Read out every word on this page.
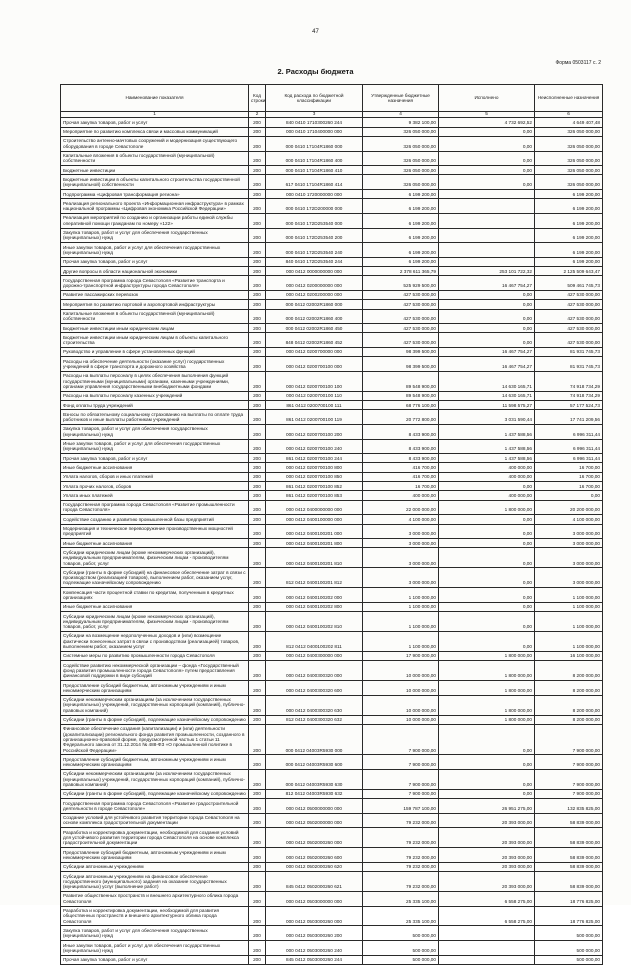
47
Форма 0503117 с. 2
2. Расходы бюджета
Наименование показателя	Код строки	Код расхода по бюджетной классификации	Утвержденные бюджетные назначения	Исполнено	Неисполненные назначения
1	2	3	4	5	6
Прочая закупка товаров, работ и услуг	200	840 0410 1710300260 244	9 382 100,00	4 732 692,52	4 649 407,48
Мероприятие по развитию комплекса связи и массовых коммуникаций	200	000 0410 1710400000 000	326 050 000,00	0,00	326 050 000,00
Строительство антенно-мачтовых сооружений и модернизация существующего оборудования в городе Севастополе	200	000 0410 17104R1860 000	326 050 000,00	0,00	326 050 000,00
Капитальные вложения в объекты государственной (муниципальной) собственности	200	000 0410 17104R1860 400	326 050 000,00	0,00	326 050 000,00
Бюджетные инвестиции	200	000 0410 17104R1860 410	326 050 000,00	0,00	326 050 000,00
Бюджетные инвестиции в объекты капитального строительства государственной (муниципальной) собственности	200	617 0410 17104R1860 414	326 050 000,00	0,00	326 050 000,00
Подпрограмма «Цифровая трансформация региона»	200	000 0410 1720000000 000	6 199 200,00		6 199 200,00
Реализация регионального проекта «Информационная инфраструктура» в рамках национальной программы «Цифровая экономика Российской Федерации»	200	000 0410 172D200000 000	6 199 200,00		6 199 200,00
Реализация мероприятий по созданию и организации работы единой службы оперативной помощи гражданам по номеру «122»	200	000 0410 172D253540 000	6 199 200,00		6 199 200,00
Закупка товаров, работ и услуг для обеспечения государственных (муниципальных) нужд	200	000 0410 172D253540 200	6 199 200,00		6 199 200,00
Иные закупки товаров, работ и услуг для обеспечения государственных (муниципальных) нужд	200	000 0410 172D253540 240	6 199 200,00		6 199 200,00
Прочая закупка товаров, работ и услуг	200	840 0410 172D253540 244	6 199 200,00		6 199 200,00
Другие вопросы в области национальной экономики	200	000 0412 0000000000 000	2 378 611 365,79	253 101 722,32	2 125 509 643,47
Государственная программа города Севастополя «Развитие транспорта и дорожно-транспортной инфраструктуры города Севастополя»	200	000 0412 0200000000 000	525 929 500,00	16 467 754,27	509 461 745,73
Развитие пассажирских перевозок	200	000 0412 0200200000 000	427 530 000,00	0,00	427 530 000,00
Мероприятия по развитию портовой и аэропортовой инфраструктуры	200	000 0412 02002R1860 000	427 530 000,00	0,00	427 530 000,00
Капитальные вложения в объекты государственной (муниципальной) собственности	200	000 0412 02002R1860 400	427 530 000,00	0,00	427 530 000,00
Бюджетные инвестиции иным юридическим лицам	200	000 0412 02002R1860 450	427 530 000,00	0,00	427 530 000,00
Бюджетные инвестиции иным юридическим лицам в объекты капитального строительства	200	848 0412 02002R1860 452	427 530 000,00	0,00	427 530 000,00
Руководство и управление в сфере установленных функций	200	000 0412 0200700000 000	98 399 500,00	16 467 754,27	81 931 745,73
Расходы на обеспечение деятельности (оказание услуг) государственных учреждений в сфере транспорта и дорожного хозяйства	200	000 0412 0200700100 000	98 399 500,00	16 467 754,27	81 931 745,73
Расходы на выплаты персоналу в целях обеспечения выполнения функций государственными (муниципальными) органами, казенными учреждениями, органами управления государственными внебюджетными фондами	200	000 0412 0200700100 100	89 548 900,00	14 630 165,71	74 918 734,29
Расходы на выплаты персоналу казенных учреждений	200	000 0412 0200700100 110	89 548 900,00	14 630 165,71	74 918 734,29
Фонд оплаты труда учреждений	200	861 0412 0200700100 111	68 776 100,00	11 598 575,27	57 177 524,73
Взносы по обязательному социальному страхованию на выплаты по оплате труда работников и иные выплаты работникам учреждений	200	861 0412 0200700100 119	20 772 800,00	3 031 590,44	17 741 209,56
Закупка товаров, работ и услуг для обеспечения государственных (муниципальных) нужд	200	000 0412 0200700100 200	8 433 900,00	1 437 588,56	6 996 311,44
Иные закупки товаров, работ и услуг для обеспечения государственных (муниципальных) нужд	200	000 0412 0200700100 240	8 433 900,00	1 437 588,56	6 996 311,44
Прочая закупка товаров, работ и услуг	200	861 0412 0200700100 244	8 433 900,00	1 437 588,56	6 996 311,44
Иные бюджетные ассигнования	200	000 0412 0200700100 800	416 700,00	400 000,00	16 700,00
Уплата налогов, сборов и иных платежей	200	000 0412 0200700100 850	416 700,00	400 000,00	16 700,00
Уплата прочих налогов, сборов	200	861 0412 0200700100 852	16 700,00	0,00	16 700,00
Уплата иных платежей	200	861 0412 0200700100 853	400 000,00	400 000,00	0,00
Государственная программа города Севастополя «Развитие промышленности города Севастополя»	200	000 0412 0400000000 000	22 000 000,00	1 800 000,00	20 200 000,00
Содействие созданию и развитию промышленной базы предприятий	200	000 0412 0400100000 000	4 100 000,00	0,00	4 100 000,00
Модернизация и техническое перевооружение производственных мощностей предприятий	200	000 0412 0400100201 000	3 000 000,00	0,00	3 000 000,00
Иные бюджетные ассигнования	200	000 0412 0400100201 800	3 000 000,00	0,00	3 000 000,00
Субсидии юридическим лицам (кроме некоммерческих организаций), индивидуальным предпринимателям, физическим лицам - производителям товаров, работ, услуг	200	000 0412 0400100201 810	3 000 000,00	0,00	3 000 000,00
Субсидии (гранты в форме субсидий) на финансовое обеспечение затрат в связи с производством (реализацией товаров), выполнением работ, оказанием услуг, подлежащие казначейскому сопровождению	200	812 0412 0400100201 812	3 000 000,00	0,00	3 000 000,00
Компенсация части процентной ставки по кредитам, полученным в кредитных организациях	200	000 0412 0400100202 000	1 100 000,00	0,00	1 100 000,00
Иные бюджетные ассигнования	200	000 0412 0400100202 800	1 100 000,00	0,00	1 100 000,00
Субсидии юридическим лицам (кроме некоммерческих организаций), индивидуальным предпринимателям, физическим лицам - производителям товаров, работ, услуг	200	000 0412 0400100202 810	1 100 000,00	0,00	1 100 000,00
Субсидии на возмещение недополученных доходов и (или) возмещение фактически понесенных затрат в связи с производством (реализацией) товаров, выполнением работ, оказанием услуг	200	812 0412 0400100202 811	1 100 000,00	0,00	1 100 000,00
Системные меры по развитию промышленности города Севастополя	200	000 0412 0400300000 000	17 900 000,00	1 800 000,00	16 100 000,00
Содействие развитию некоммерческой организации – фонда «Государственный фонд развития промышленности города Севастополя» путем предоставления финансовой поддержки в виде субсидий	200	000 0412 0400300320 000	10 000 000,00	1 800 000,00	8 200 000,00
Предоставление субсидий бюджетным, автономным учреждениям и иным некоммерческим организациям	200	000 0412 0400300320 600	10 000 000,00	1 800 000,00	8 200 000,00
Субсидии некоммерческим организациям (за исключением государственных (муниципальных) учреждений, государственных корпораций (компаний), публично-правовых компаний)	200	000 0412 0400300320 630	10 000 000,00	1 800 000,00	8 200 000,00
Субсидии (гранты в форме субсидий), подлежащие казначейскому сопровождению	200	812 0412 0400300320 632	10 000 000,00	1 800 000,00	8 200 000,00
Финансовое обеспечение создания (капитализации) и (или) деятельности (докапитализации) регионального фонда развития промышленности, созданного в организационно-правовой форме, предусмотренной частью 1 статьи 11 Федерального закона от 31.12.2014 № 488-ФЗ «О промышленной политике в Российской Федерации»	200	000 0412 04003R5930 000	7 900 000,00	0,00	7 900 000,00
Предоставление субсидий бюджетным, автономным учреждениям и иным некоммерческим организациям	200	000 0412 04003R5930 600	7 900 000,00	0,00	7 900 000,00
Субсидии некоммерческим организациям (за исключением государственных (муниципальных) учреждений, государственных корпораций (компаний), публично-правовых компаний)	200	000 0412 04003R5930 630	7 900 000,00	0,00	7 900 000,00
Субсидии (гранты в форме субсидий), подлежащие казначейскому сопровождению	200	812 0412 04003R5930 632	7 900 000,00	0,00	7 900 000,00
Государственная программа города Севастополя «Развитие градостроительной деятельности в городе Севастополе»	200	000 0412 0500000000 000	159 787 100,00	26 951 275,00	132 835 825,00
Создание условий для устойчивого развития территории города Севастополя на основе комплекса градостроительной документации	200	000 0412 0502000000 000	79 232 000,00	20 393 000,00	58 839 000,00
Разработка и корректировка документации, необходимой для создания условий для устойчивого развития территории города Севастополя на основе комплекса градостроительной документации	200	000 0412 0502000260 000	79 232 000,00	20 393 000,00	58 839 000,00
Предоставление субсидий бюджетным, автономным учреждениям и иным некоммерческим организациям	200	000 0412 0502000260 600	79 232 000,00	20 393 000,00	58 839 000,00
Субсидии автономным учреждениям	200	000 0412 0502000260 620	79 232 000,00	20 393 000,00	58 839 000,00
Субсидии автономным учреждениям на финансовое обеспечение государственного (муниципального) задания на оказание государственных (муниципальных) услуг (выполнение работ)	200	845 0412 0502000260 621	79 232 000,00	20 393 000,00	58 839 000,00
Развитие общественных пространств и внешнего архитектурного облика города Севастополя	200	000 0412 0503000000 000	25 335 100,00	6 558 275,00	18 776 825,00
Разработка и корректировка документации, необходимой для развития общественных пространств и внешнего архитектурного облика города Севастополя	200	000 0412 0503000260 000	25 335 100,00	6 558 275,00	18 776 825,00
Закупка товаров, работ и услуг для обеспечения государственных (муниципальных) нужд	200	000 0412 0503000260 200	500 000,00		500 000,00
Иные закупки товаров, работ и услуг для обеспечения государственных (муниципальных) нужд	200	000 0412 0503000260 240	500 000,00		500 000,00
Прочая закупка товаров, работ и услуг	200	845 0412 0503000260 244	500 000,00		500 000,00
